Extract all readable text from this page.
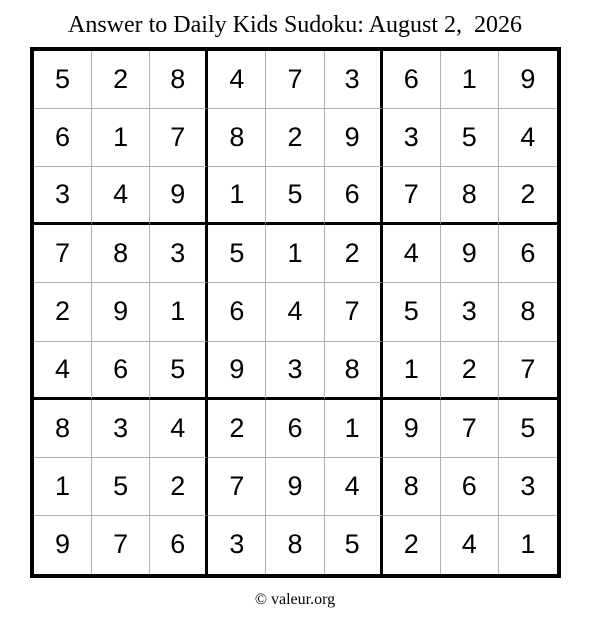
Answer to Daily Kids Sudoku: August 2,  2026
5	2	8	4	7	3	6	1	9
6	1	7	8	2	9	3	5	4
3	4	9	1	5	6	7	8	2
7	8	3	5	1	2	4	9	6
2	9	1	6	4	7	5	3	8
4	6	5	9	3	8	1	2	7
8	3	4	2	6	1	9	7	5
1	5	2	7	9	4	8	6	3
9	7	6	3	8	5	2	4	1
© valeur.org
